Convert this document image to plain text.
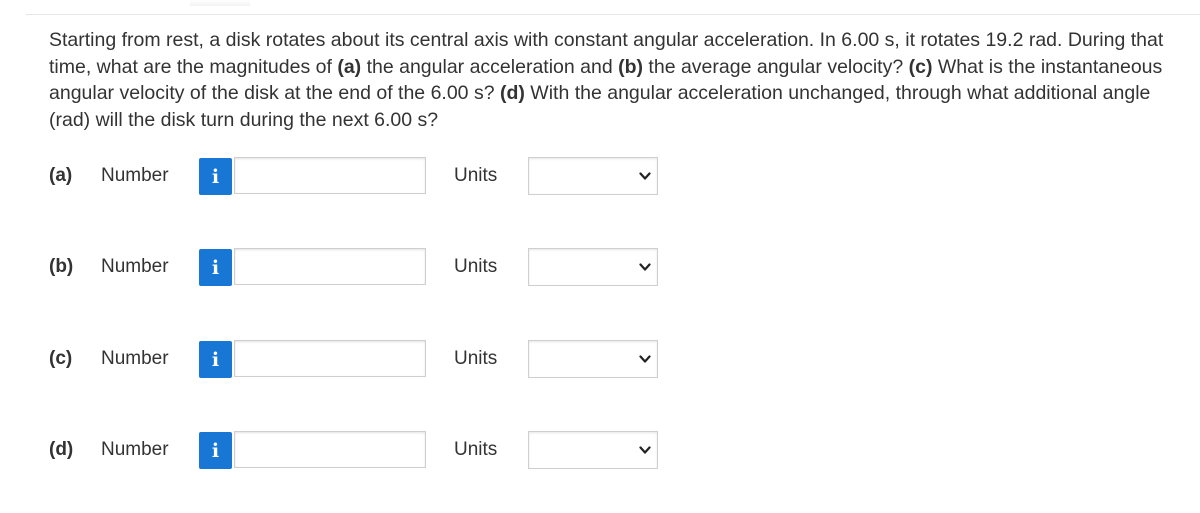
Starting from rest, a disk rotates about its central axis with constant angular acceleration. In 6.00 s, it rotates 19.2 rad. During that time, what are the magnitudes of (a) the angular acceleration and (b) the average angular velocity? (c) What is the instantaneous angular velocity of the disk at the end of the 6.00 s? (d) With the angular acceleration unchanged, through what additional angle (rad) will the disk turn during the next 6.00 s?
(a) Number i	Units
(b) Number i	Units
(c) Number i	Units
(d) Number i	Units
